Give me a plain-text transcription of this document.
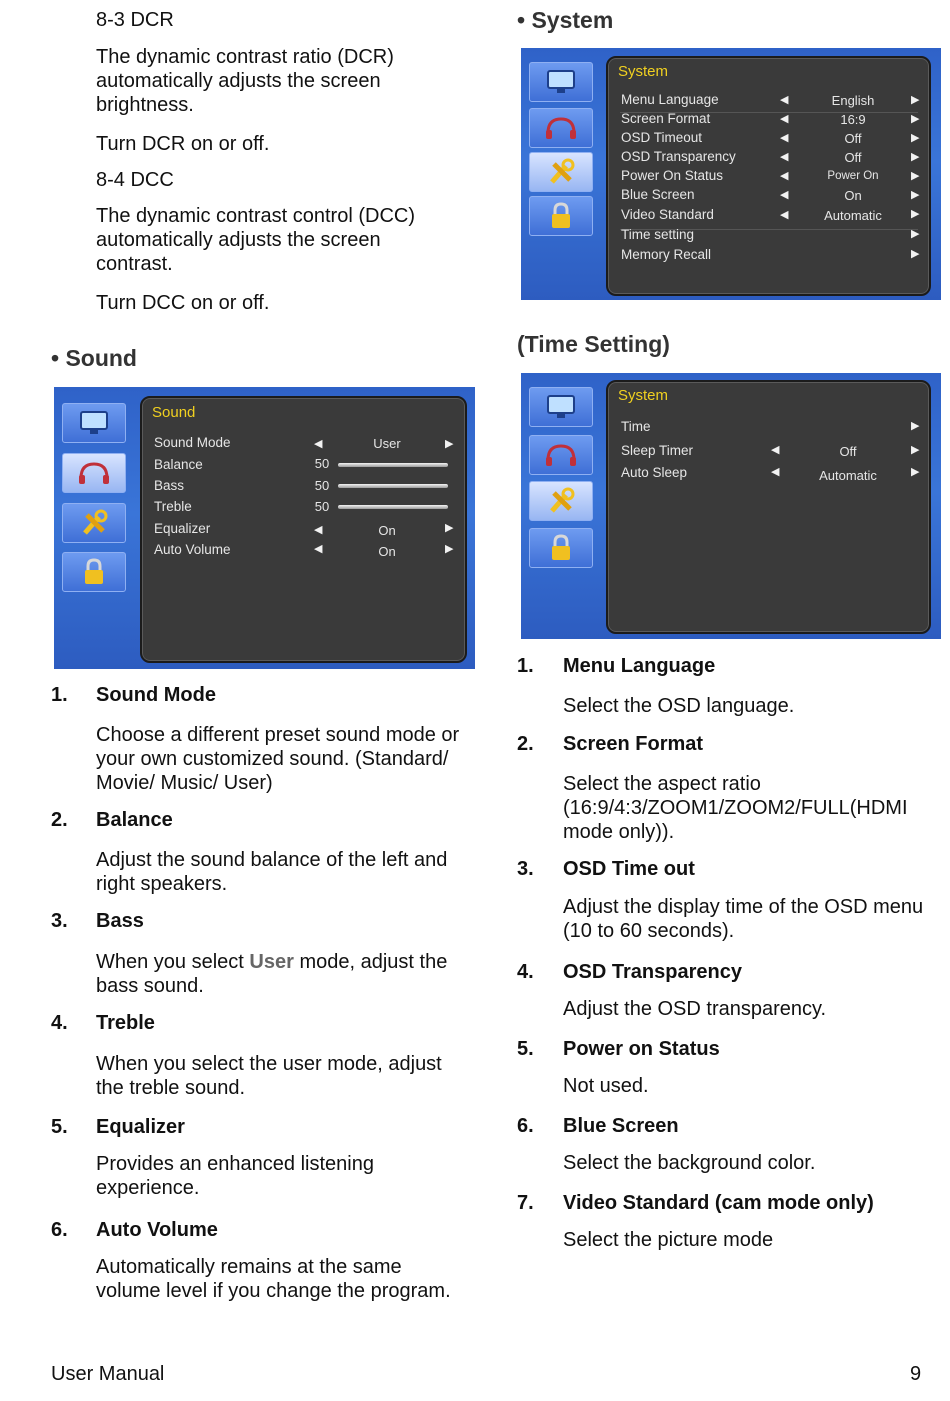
8-3 DCR

The dynamic contrast ratio (DCR) automatically adjusts the screen brightness.

Turn DCR on or off.
8-4 DCC

The dynamic contrast control (DCC) automatically adjusts the screen contrast.

Turn DCC on or off.
• Sound
Sound
Sound Mode	◀	User	▶
Balance	50
Bass	50
Treble	50
Equalizer	◀	On	▶
Auto Volume	◀	On	▶
1. Sound Mode

Choose a different preset sound mode or your own customized sound. (Standard/ Movie/ Music/ User)

2. Balance

Adjust the sound balance of the left and right speakers.

3. Bass

When you select User mode, adjust the bass sound.

4. Treble

When you select the user mode, adjust the treble sound.

5. Equalizer

Provides an enhanced listening experience.

6. Auto Volume

Automatically remains at the same volume level if you change the program.

• System
System
Menu Language	◀	English	▶
Screen Format	◀	16:9	▶
OSD Timeout	◀	Off	▶
OSD Transparency	◀	Off	▶
Power On Status	◀	Power On	▶
Blue Screen	◀	On	▶
Video Standard	◀	Automatic	▶
Time setting	▶
Memory Recall	▶
(Time Setting)
System
Time	▶
Sleep Timer	◀	Off	▶
Auto Sleep	◀	Automatic	▶
1. Menu Language

Select the OSD language.

2. Screen Format

Select the aspect ratio (16:9/4:3/ZOOM1/ZOOM2/FULL(HDMI mode only)).

3. OSD Time out

Adjust the display time of the OSD menu (10 to 60 seconds).

4. OSD Transparency

Adjust the OSD transparency.

5. Power on Status

Not used.

6. Blue Screen

Select the background color.

7. Video Standard (cam mode only)

Select the picture mode

User Manual	9
